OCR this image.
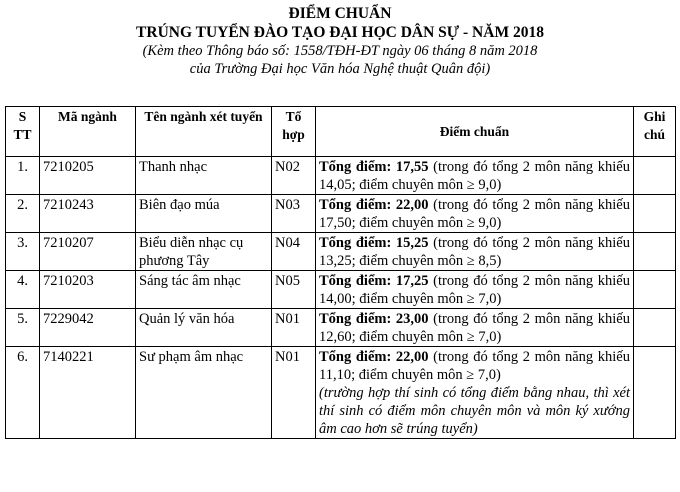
ĐIỂM CHUẨN
TRÚNG TUYỂN ĐÀO TẠO ĐẠI HỌC DÂN SỰ - NĂM 2018
(Kèm theo Thông báo số: 1558/TĐH-ĐT ngày 06 tháng 8 năm 2018
của Trường Đại học Văn hóa Nghệ thuật Quân đội)
S TT	Mã ngành	Tên ngành xét tuyển	Tổ hợp	Điểm chuẩn	Ghi chú
1.	7210205	Thanh nhạc	N02	Tổng điểm: 17,55 (trong đó tổng 2 môn năng khiếu 14,05; điểm chuyên môn ≥ 9,0)	
2.	7210243	Biên đạo múa	N03	Tổng điểm: 22,00 (trong đó tổng 2 môn năng khiếu 17,50; điểm chuyên môn ≥ 9,0)	
3.	7210207	Biểu diễn nhạc cụ phương Tây	N04	Tổng điểm: 15,25 (trong đó tổng 2 môn năng khiếu 13,25; điểm chuyên môn ≥ 8,5)	
4.	7210203	Sáng tác âm nhạc	N05	Tổng điểm: 17,25 (trong đó tổng 2 môn năng khiếu 14,00; điểm chuyên môn ≥ 7,0)	
5.	7229042	Quản lý văn hóa	N01	Tổng điểm: 23,00 (trong đó tổng 2 môn năng khiếu 12,60; điểm chuyên môn ≥ 7,0)	
6.	7140221	Sư phạm âm nhạc	N01	Tổng điểm: 22,00 (trong đó tổng 2 môn năng khiếu 11,10; điểm chuyên môn ≥ 7,0)
(trường hợp thí sinh có tổng điểm bằng nhau, thì xét thí sinh có điểm môn chuyên môn và môn ký xướng âm cao hơn sẽ trúng tuyển)	
